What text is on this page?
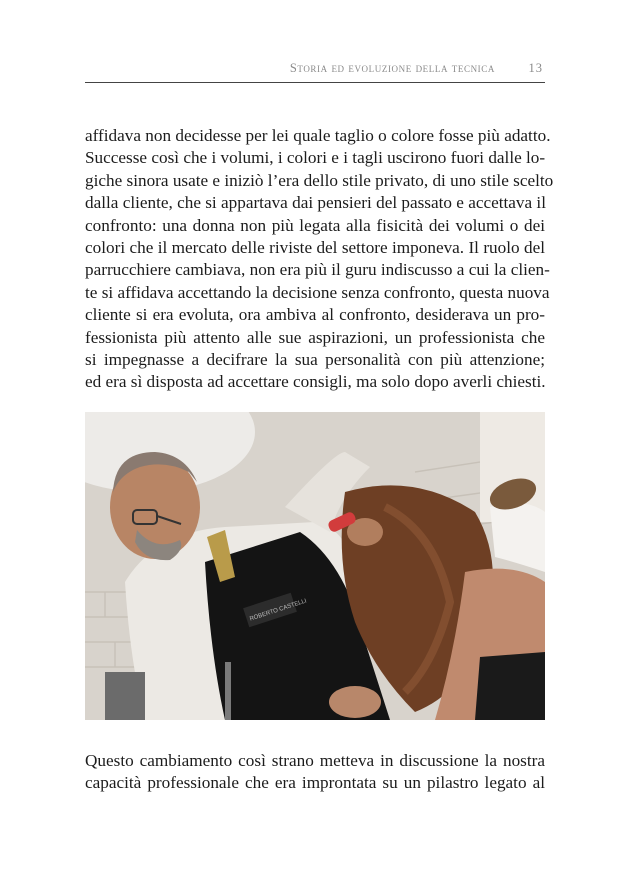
Storia ed evoluzione della tecnica	13
affidava non decidesse per lei quale taglio o colore fosse più adatto.
Successe così che i volumi, i colori e i tagli uscirono fuori dalle lo-
giche sinora usate e iniziò l’era dello stile privato, di uno stile scelto
dalla cliente, che si appartava dai pensieri del passato e accettava il
confronto: una donna non più legata alla fisicità dei volumi o dei
colori che il mercato delle riviste del settore imponeva. Il ruolo del
parrucchiere cambiava, non era più il guru indiscusso a cui la clien-
te si affidava accettando la decisione senza confronto, questa nuova
cliente si era evoluta, ora ambiva al confronto, desiderava un pro-
fessionista più attento alle sue aspirazioni, un professionista che
si impegnasse a decifrare la sua personalità con più attenzione;
ed era sì disposta ad accettare consigli, ma solo dopo averli chiesti.
ROBERTO CASTELLI
Questo cambiamento così strano metteva in discussione la nostra
capacità professionale che era improntata su un pilastro legato al
